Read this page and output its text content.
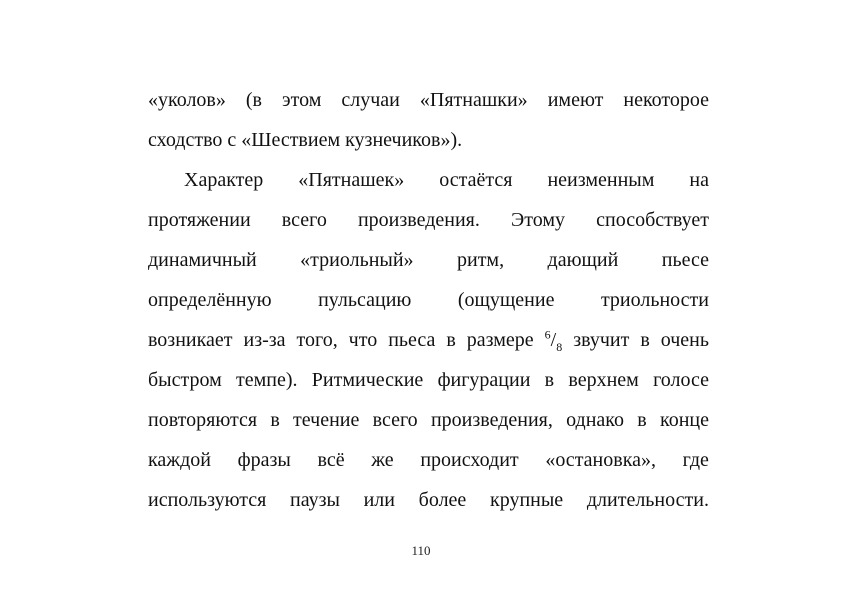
«уколов» (в этом случаи «Пятнашки» имеют некоторое
сходство с «Шествием кузнечиков»).
Характер «Пятнашек» остаётся неизменным на
протяжении всего произведения. Этому способствует
динамичный «триольный» ритм, дающий пьесе
определённую пульсацию (ощущение триольности
возникает из-за того, что пьеса в размере $^6/_8$ звучит в очень
быстром темпе). Ритмические фигурации в верхнем голосе
повторяются в течение всего произведения, однако в конце
каждой фразы всё же происходит «остановка», где
используются паузы или более крупные длительности.
110
